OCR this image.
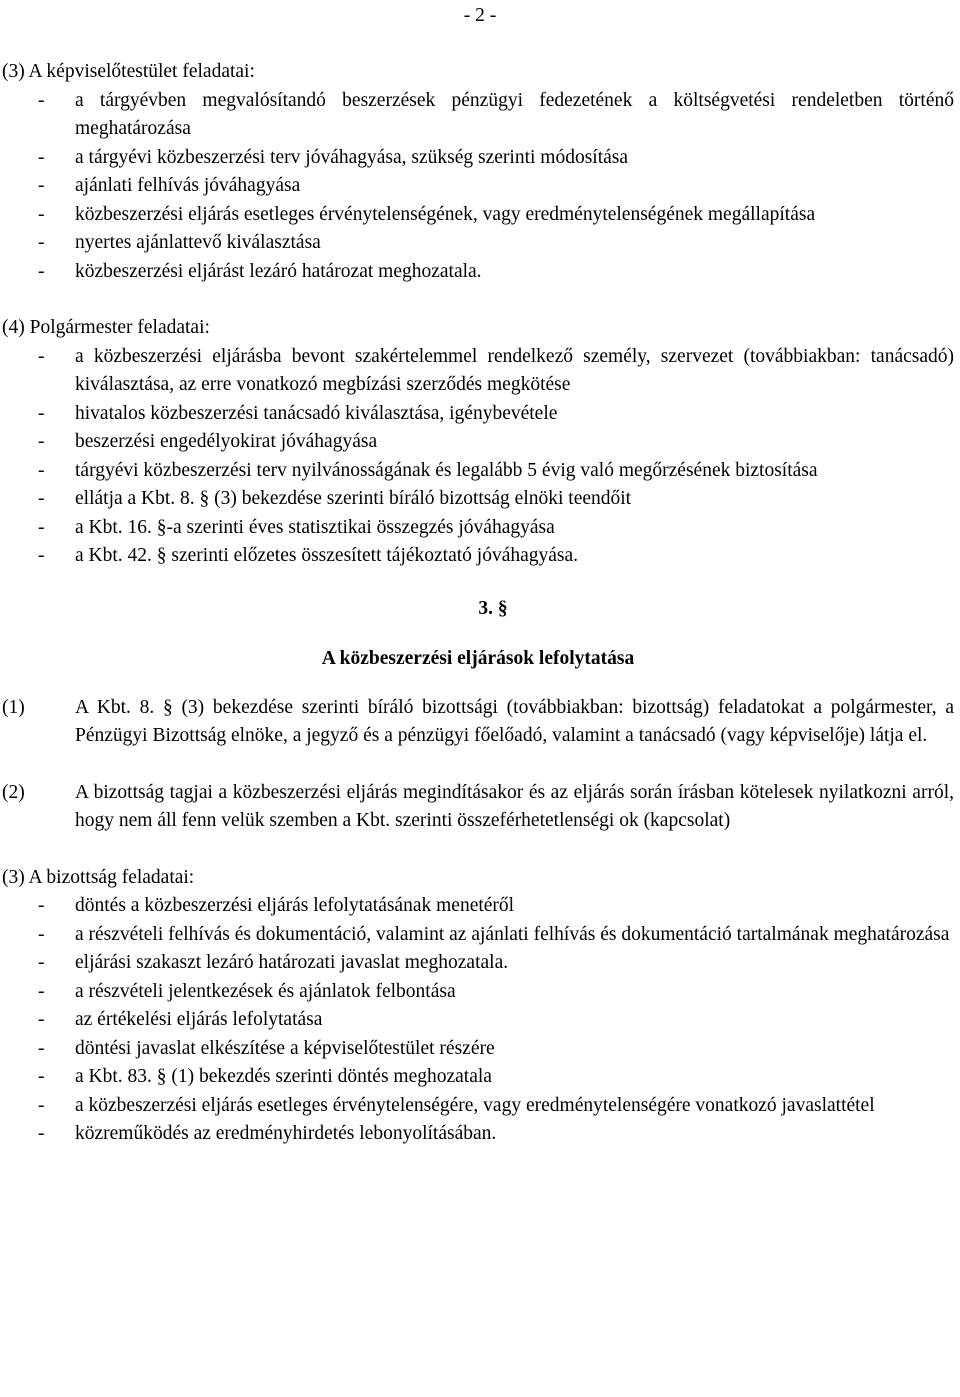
- 2 -
(3) A képviselőtestület feladatai:
- a tárgyévben megvalósítandó beszerzések pénzügyi fedezetének a költségvetési rendeletben történő meghatározása
- a tárgyévi közbeszerzési terv jóváhagyása, szükség szerinti módosítása
- ajánlati felhívás jóváhagyása
- közbeszerzési eljárás esetleges érvénytelenségének, vagy eredménytelenségének megállapítása
- nyertes ajánlattevő kiválasztása
- közbeszerzési eljárást lezáró határozat meghozatala.
(4) Polgármester feladatai:
- a közbeszerzési eljárásba bevont szakértelemmel rendelkező személy, szervezet (továbbiakban: tanácsadó) kiválasztása, az erre vonatkozó megbízási szerződés megkötése
- hivatalos közbeszerzési tanácsadó kiválasztása, igénybevétele
- beszerzési engedélyokirat jóváhagyása
- tárgyévi közbeszerzési terv nyilvánosságának és legalább 5 évig való megőrzésének biztosítása
- ellátja a Kbt. 8. § (3) bekezdése szerinti bíráló bizottság elnöki teendőit
- a Kbt. 16. §-a szerinti éves statisztikai összegzés jóváhagyása
- a Kbt. 42. § szerinti előzetes összesített tájékoztató jóváhagyása.
3. §
A közbeszerzési eljárások lefolytatása
(1)	A Kbt. 8. § (3) bekezdése szerinti bíráló bizottsági (továbbiakban: bizottság) feladatokat a polgármester, a Pénzügyi Bizottság elnöke, a jegyző és a pénzügyi főelőadó, valamint a tanácsadó (vagy képviselője) látja el.

(2)	A bizottság tagjai a közbeszerzési eljárás megindításakor és az eljárás során írásban kötelesek nyilatkozni arról, hogy nem áll fenn velük szemben a Kbt. szerinti összeférhetetlenségi ok (kapcsolat)

(3) A bizottság feladatai:
- döntés a közbeszerzési eljárás lefolytatásának menetéről
- a részvételi felhívás és dokumentáció, valamint az ajánlati felhívás és dokumentáció tartalmának meghatározása
- eljárási szakaszt lezáró határozati javaslat meghozatala.
- a részvételi jelentkezések és ajánlatok felbontása
- az értékelési eljárás lefolytatása
- döntési javaslat elkészítése a képviselőtestület részére
- a Kbt. 83. § (1) bekezdés szerinti döntés meghozatala
- a közbeszerzési eljárás esetleges érvénytelenségére, vagy eredménytelenségére vonatkozó javaslattétel
- közreműködés az eredményhirdetés lebonyolításában.
